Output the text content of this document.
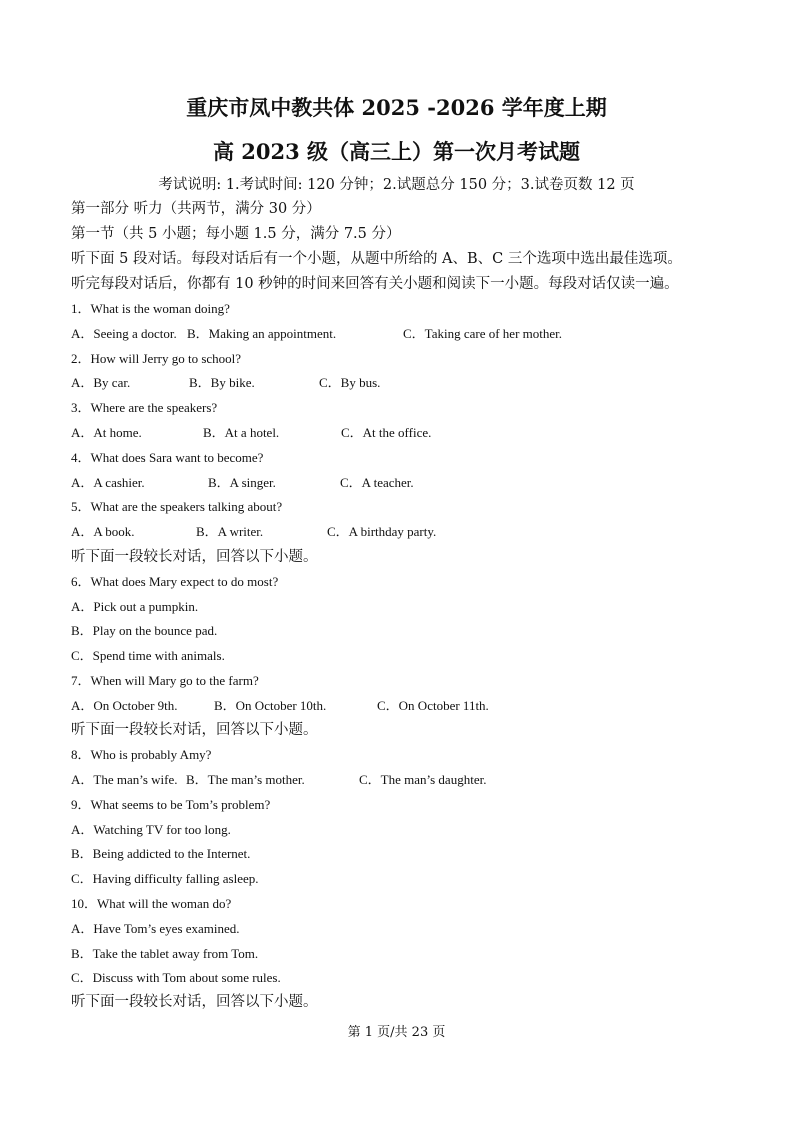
重庆市凤中教共体 2025 -2026 学年度上期
高 2023 级（高三上）第一次月考试题
考试说明: 1.考试时间: 120 分钟；2.试题总分 150 分；3.试卷页数 12 页
第一部分 听力（共两节，满分 30 分）
第一节（共 5 小题；每小题 1.5 分，满分 7.5 分）
听下面 5 段对话。每段对话后有一个小题，从题中所给的 A、B、C 三个选项中选出最佳选项。
听完每段对话后，你都有 10 秒钟的时间来回答有关小题和阅读下一小题。每段对话仅读一遍。
1．What is the woman doing?
A．Seeing a doctor. B．Making an appointment.	C．Taking care of her mother.
2．How will Jerry go to school?
A．By car.	B．By bike.	C．By bus.
3．Where are the speakers?
A．At home.	B．At a hotel.	C．At the office.
4．What does Sara want to become?
A．A cashier.	B．A singer.	C．A teacher.
5．What are the speakers talking about?
A．A book.	B．A writer.	C．A birthday party.
听下面一段较长对话，回答以下小题。
6．What does Mary expect to do most?
A．Pick out a pumpkin.
B．Play on the bounce pad.
C．Spend time with animals.
7．When will Mary go to the farm?
A．On October 9th.	B．On October 10th.	C．On October 11th.
听下面一段较长对话，回答以下小题。
8．Who is probably Amy?
A．The man’s wife. B．The man’s mother.	C．The man’s daughter.
9．What seems to be Tom’s problem?
A．Watching TV for too long.
B．Being addicted to the Internet.
C．Having difficulty falling asleep.
10．What will the woman do?
A．Have Tom’s eyes examined.
B．Take the tablet away from Tom.
C．Discuss with Tom about some rules.
听下面一段较长对话，回答以下小题。
第 1 页/共 23 页
